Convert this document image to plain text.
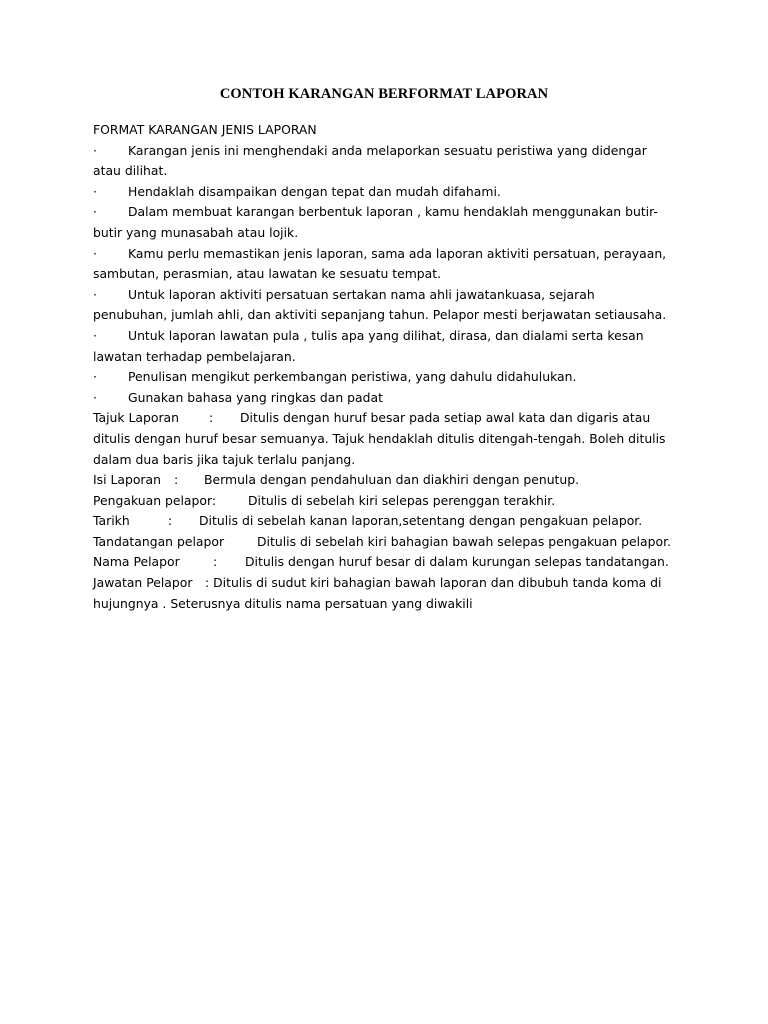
CONTOH KARANGAN BERFORMAT LAPORAN
FORMAT KARANGAN JENIS LAPORAN
·	Karangan jenis ini menghendaki anda melaporkan sesuatu peristiwa yang didengar
atau dilihat.
·	Hendaklah disampaikan dengan tepat dan mudah difahami.
·	Dalam membuat karangan berbentuk laporan , kamu hendaklah menggunakan butir-
butir yang munasabah atau lojik.
·	Kamu perlu memastikan jenis laporan, sama ada laporan aktiviti persatuan, perayaan,
sambutan, perasmian, atau lawatan ke sesuatu tempat.
·	Untuk laporan aktiviti persatuan sertakan nama ahli jawatankuasa, sejarah
penubuhan, jumlah ahli, dan aktiviti sepanjang tahun. Pelapor mesti berjawatan setiausaha.
·	Untuk laporan lawatan pula , tulis apa yang dilihat, dirasa, dan dialami serta kesan
lawatan terhadap pembelajaran.
·	Penulisan mengikut perkembangan peristiwa, yang dahulu didahulukan.
·	Gunakan bahasa yang ringkas dan padat
Tajuk Laporan : Ditulis dengan huruf besar pada setiap awal kata dan digaris atau
ditulis dengan huruf besar semuanya. Tajuk hendaklah ditulis ditengah-tengah. Boleh ditulis
dalam dua baris jika tajuk terlalu panjang.
Isi Laporan : Bermula dengan pendahuluan dan diakhiri dengan penutup.
Pengakuan pelapor:	Ditulis di sebelah kiri selepas perenggan terakhir.
Tarikh	: Ditulis di sebelah kanan laporan,setentang dengan pengakuan pelapor.
Tandatangan pelapor	Ditulis di sebelah kiri bahagian bawah selepas pengakuan pelapor.
Nama Pelapor	: Ditulis dengan huruf besar di dalam kurungan selepas tandatangan.
Jawatan Pelapor : Ditulis di sudut kiri bahagian bawah laporan dan dibubuh tanda koma di
hujungnya . Seterusnya ditulis nama persatuan yang diwakili
